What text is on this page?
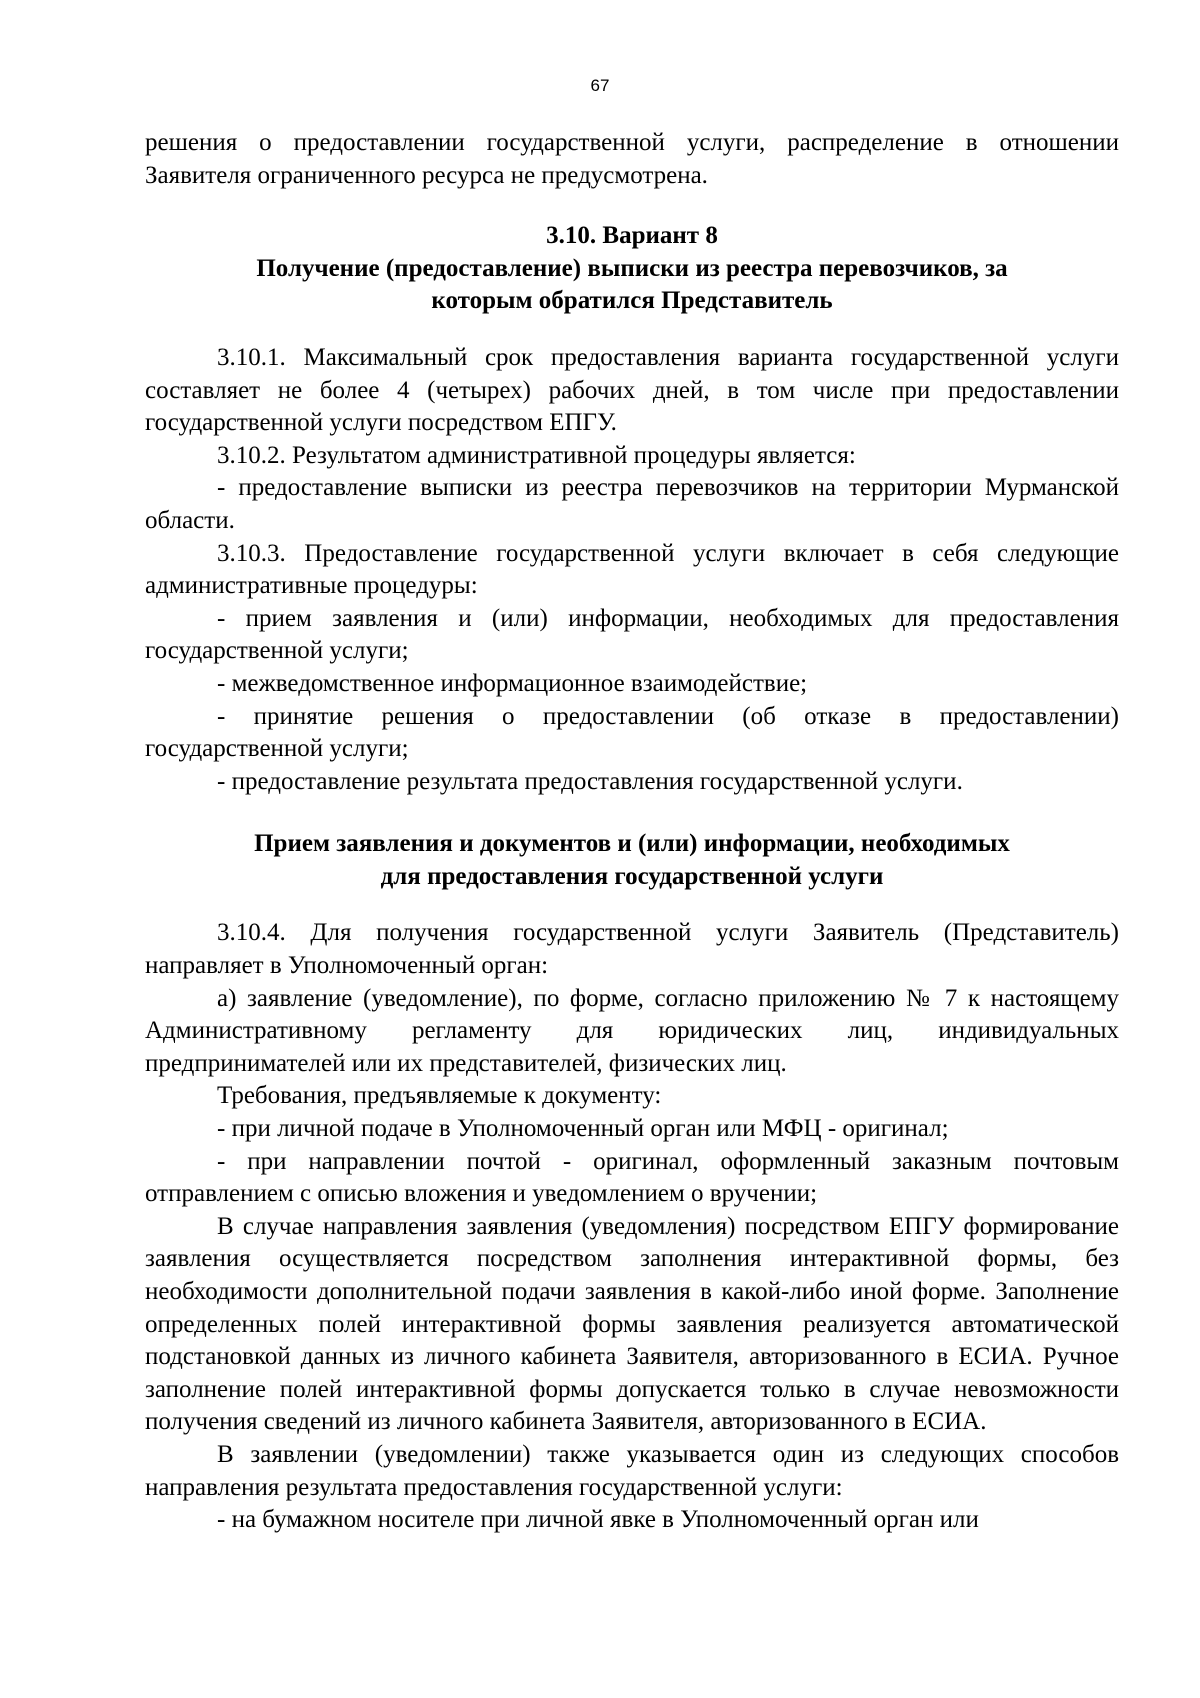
67

решения о предоставлении государственной услуги, распределение в отношении Заявителя ограниченного ресурса не предусмотрена.

3.10. Вариант 8
Получение (предоставление) выписки из реестра перевозчиков, за
которым обратился Представитель

3.10.1. Максимальный срок предоставления варианта государственной услуги составляет не более 4 (четырех) рабочих дней, в том числе при предоставлении государственной услуги посредством ЕПГУ.

3.10.2. Результатом административной процедуры является:

- предоставление выписки из реестра перевозчиков на территории Мурманской области.

3.10.3. Предоставление государственной услуги включает в себя следующие административные процедуры:

- прием заявления и (или) информации, необходимых для предоставления государственной услуги;

- межведомственное информационное взаимодействие;

- принятие решения о предоставлении (об отказе в предоставлении) государственной услуги;

- предоставление результата предоставления государственной услуги.

Прием заявления и документов и (или) информации, необходимых
для предоставления государственной услуги

3.10.4. Для получения государственной услуги Заявитель (Представитель) направляет в Уполномоченный орган:

а) заявление (уведомление), по форме, согласно приложению № 7 к настоящему Административному регламенту для юридических лиц, индивидуальных предпринимателей или их представителей, физических лиц.

Требования, предъявляемые к документу:

- при личной подаче в Уполномоченный орган или МФЦ - оригинал;

- при направлении почтой - оригинал, оформленный заказным почтовым отправлением с описью вложения и уведомлением о вручении;

В случае направления заявления (уведомления) посредством ЕПГУ формирование заявления осуществляется посредством заполнения интерактивной формы, без необходимости дополнительной подачи заявления в какой-либо иной форме. Заполнение определенных полей интерактивной формы заявления реализуется автоматической подстановкой данных из личного кабинета Заявителя, авторизованного в ЕСИА. Ручное заполнение полей интерактивной формы допускается только в случае невозможности получения сведений из личного кабинета Заявителя, авторизованного в ЕСИА.

В заявлении (уведомлении) также указывается один из следующих способов направления результата предоставления государственной услуги:

- на бумажном носителе при личной явке в Уполномоченный орган или
